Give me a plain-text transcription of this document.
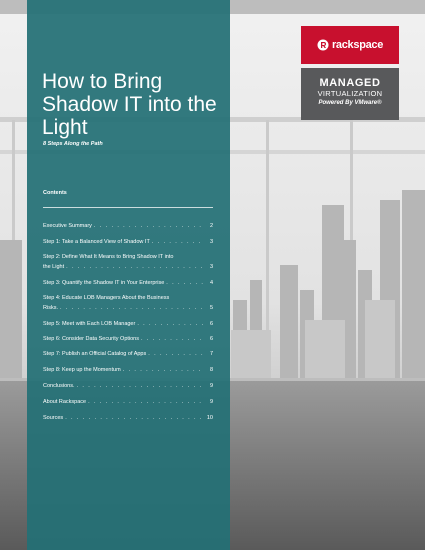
How to Bring Shadow IT into the Light
8 Steps Along the Path
Contents
Executive Summary . . .	2
Step 1: Take a Balanced View of Shadow IT . . .	3
Step 2: Define What It Means to Bring Shadow IT into
the Light . . .	3
Step 3: Quantify the Shadow IT in Your Enterprise . . .	4
Step 4: Educate LOB Managers About the Business
Risks. . . .	5
Step 5: Meet with Each LOB Manager . . .	6
Step 6: Consider Data Security Options . . .	6
Step 7: Publish an Official Catalog of Apps . . .	7
Step 8: Keep up the Momentum . . .	8
Conclusions. . . .	9
About Rackspace . . .	9
Sources . . .	10
rackspace
MANAGED
VIRTUALIZATION
Powered By VMware®
